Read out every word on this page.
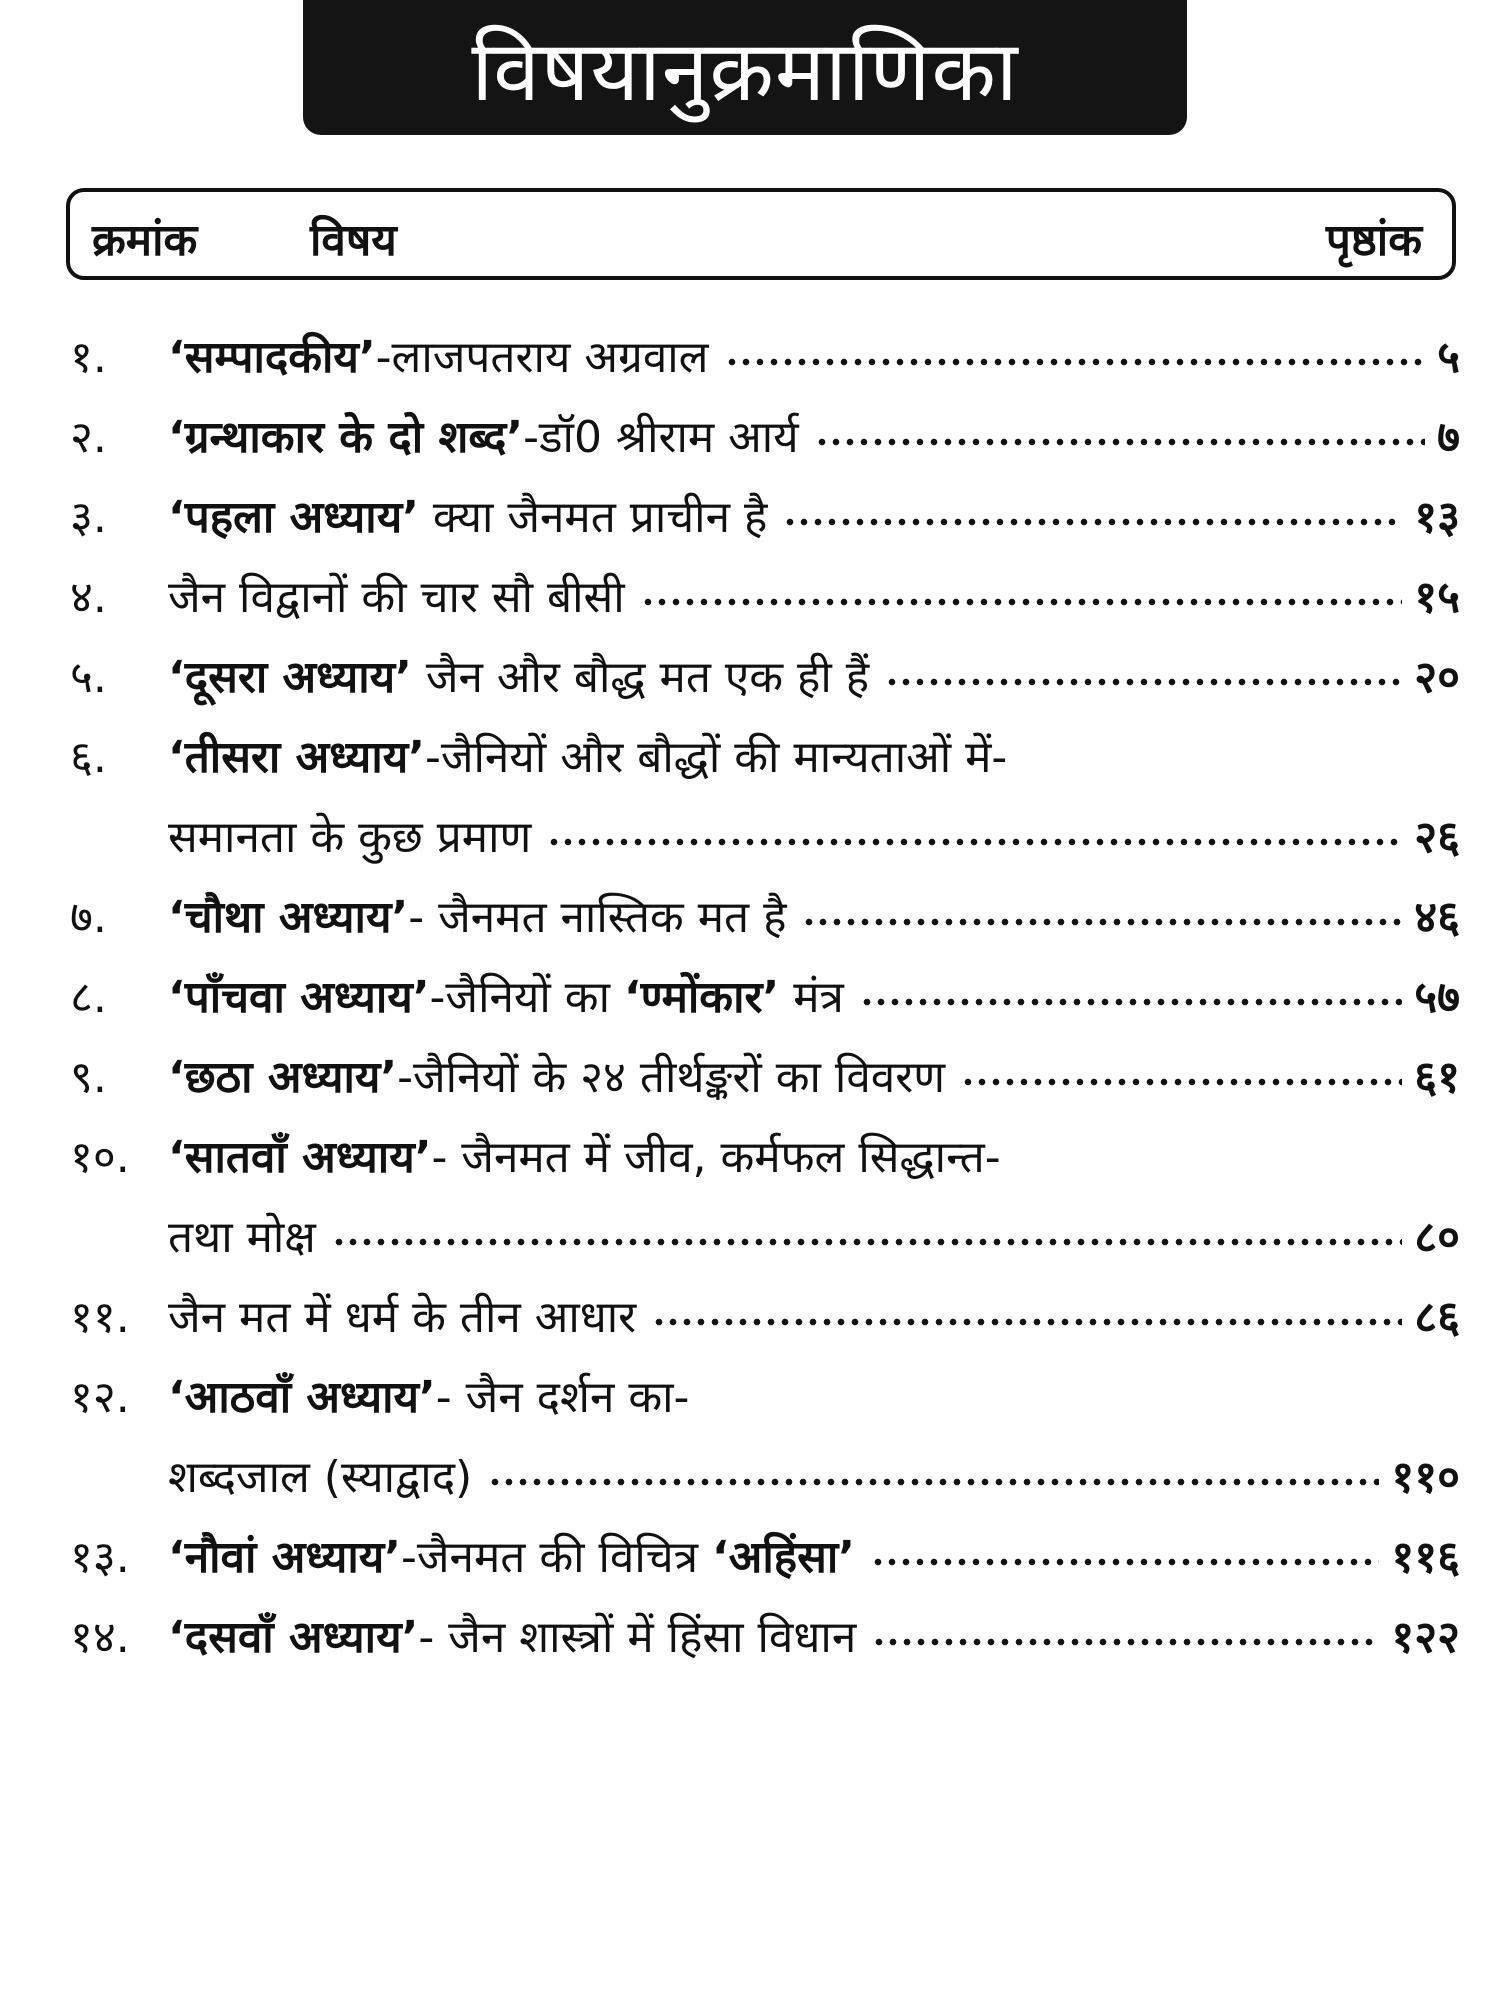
विषयानुक्रमाणिका
क्रमांक	विषय	पृष्ठांक
१.	‘सम्पादकीय’ -लाजपतराय अग्रवाल	५
२.	‘ग्रन्थाकार के दो शब्द’ -डॉ0 श्रीराम आर्य	७
३.	‘पहला अध्याय’ क्या जैनमत प्राचीन है	१३
४.	जैन विद्वानों की चार सौ बीसी	१५
५.	‘दूसरा अध्याय’ जैन और बौद्ध मत एक ही हैं	२०
६.	‘तीसरा अध्याय’ -जैनियों और बौद्धों की मान्यताओं में-
समानता के कुछ प्रमाण	२६
७.	‘चौथा अध्याय’ - जैनमत नास्तिक मत है	४६
८.	‘पाँचवा अध्याय’ -जैनियों का ‘ण्मोंकार’ मंत्र	५७
९.	‘छठा अध्याय’ -जैनियों के २४ तीर्थङ्करों का विवरण	६१
१०. ‘सातवाँ अध्याय’ - जैनमत में जीव, कर्मफल सिद्धान्त-
तथा मोक्ष	८०
११. जैन मत में धर्म के तीन आधार	८६
१२. ‘आठवाँ अध्याय’ - जैन दर्शन का-
शब्दजाल (स्याद्वाद)	११०
१३. ‘नौवां अध्याय’ -जैनमत की विचित्र ‘अहिंसा’	११६
१४. ‘दसवाँ अध्याय’ - जैन शास्त्रों में हिंसा विधान	१२२
